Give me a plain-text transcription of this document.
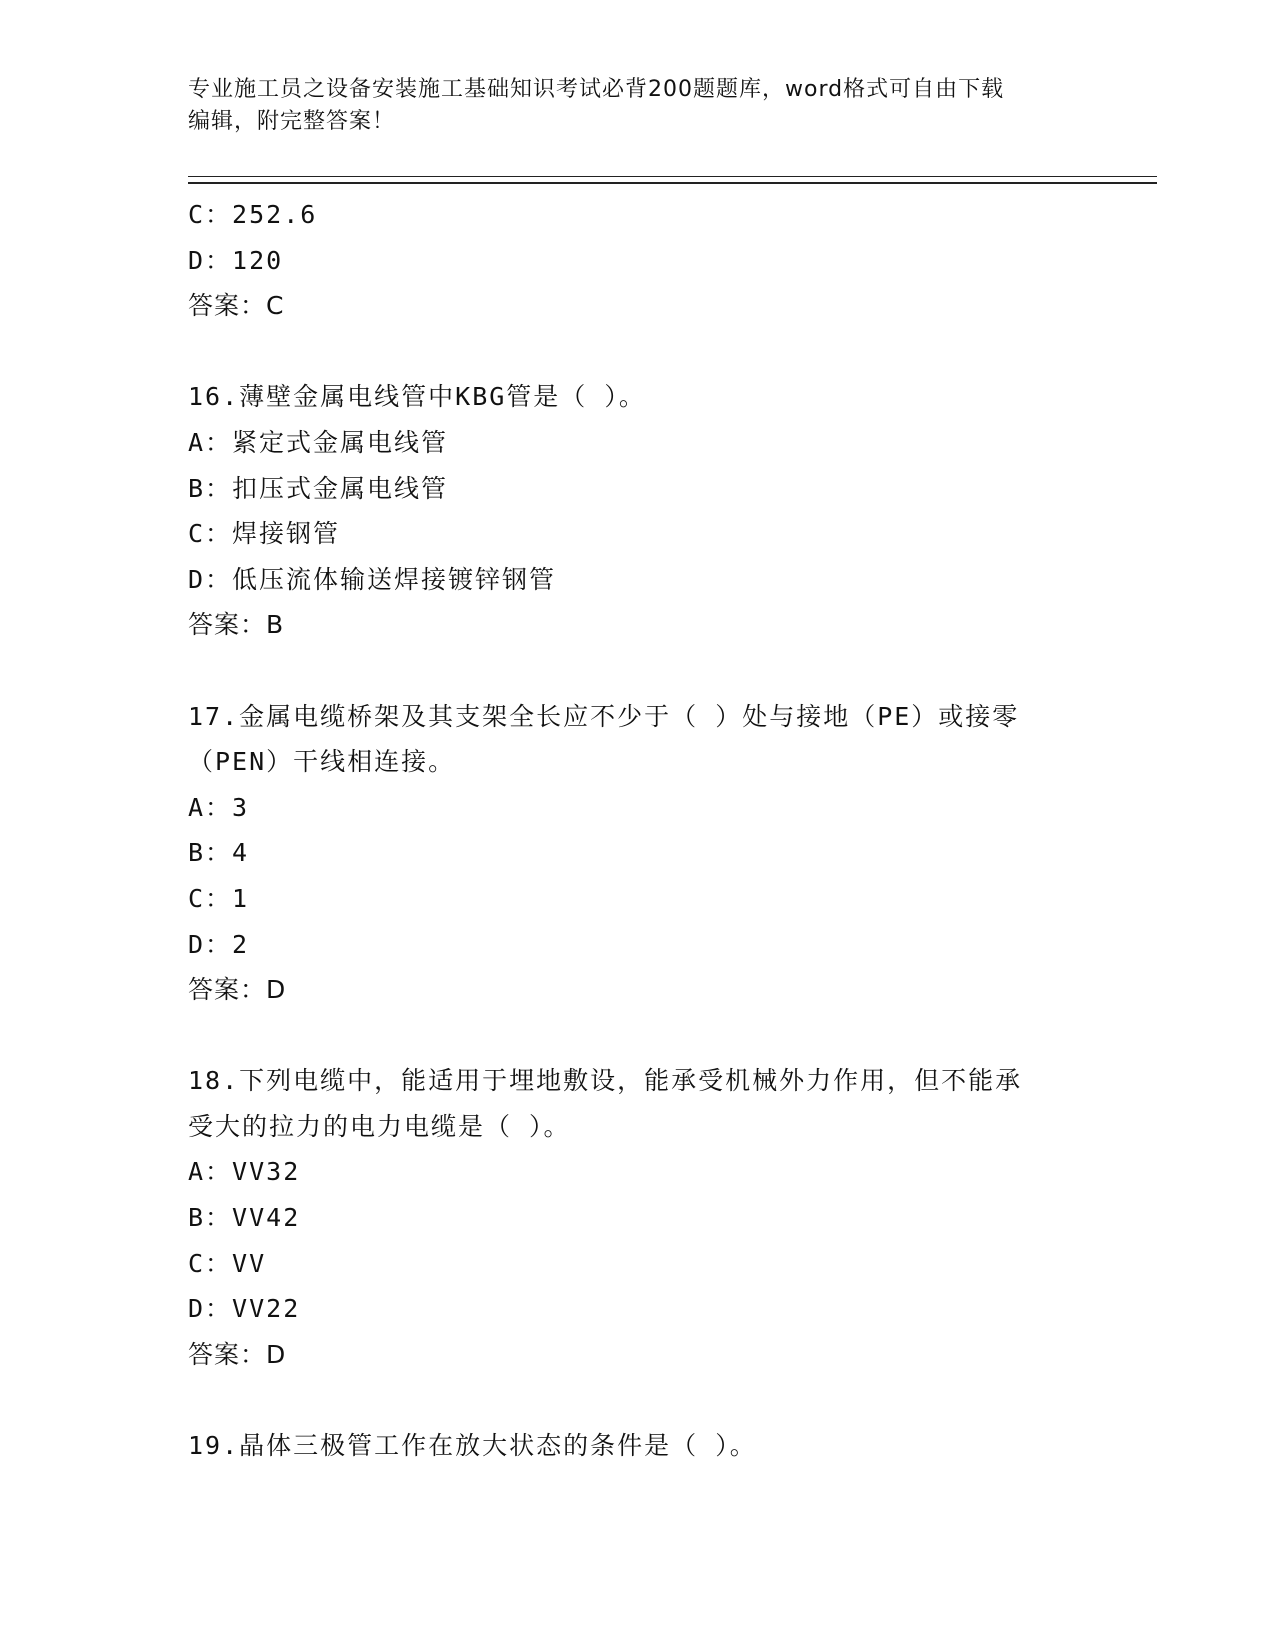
专业施工员之设备安装施工基础知识考试必背200题题库，word格式可自由下载
编辑，附完整答案！
C：252.6
D：120
答案：C
16.薄壁金属电线管中KBG管是（ ）。
A：紧定式金属电线管
B：扣压式金属电线管
C：焊接钢管
D：低压流体输送焊接镀锌钢管
答案：B
17.金属电缆桥架及其支架全长应不少于（ ）处与接地（PE）或接零
（PEN）干线相连接。
A：3
B：4
C：1
D：2
答案：D
18.下列电缆中，能适用于埋地敷设，能承受机械外力作用，但不能承
受大的拉力的电力电缆是（ ）。
A：VV32
B：VV42
C：VV
D：VV22
答案：D
19.晶体三极管工作在放大状态的条件是（ ）。
